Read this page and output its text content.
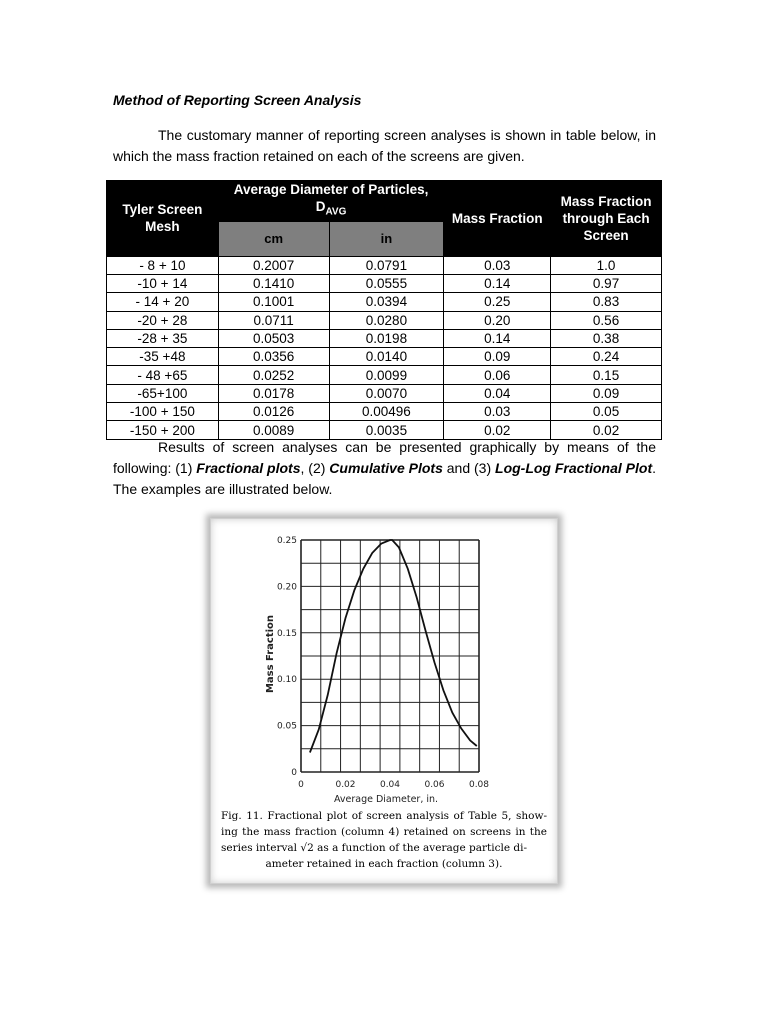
Method of Reporting Screen Analysis
The customary manner of reporting screen analyses is shown in table below, in which the mass fraction retained on each of the screens are given.
Tyler Screen Mesh	Average Diameter of Particles, $D_{AVG}$		Mass Fraction	Mass Fraction through Each Screen
	cm	in		
- 8 + 10	0.2007	0.0791	0.03	1.0
-10 + 14	0.1410	0.0555	0.14	0.97
- 14 + 20	0.1001	0.0394	0.25	0.83
-20 + 28	0.0711	0.0280	0.20	0.56
-28 + 35	0.0503	0.0198	0.14	0.38
-35 +48	0.0356	0.0140	0.09	0.24
- 48 +65	0.0252	0.0099	0.06	0.15
-65+100	0.0178	0.0070	0.04	0.09
-100 + 150	0.0126	0.00496	0.03	0.05
-150 + 200	0.0089	0.0035	0.02	0.02
Results of screen analyses can be presented graphically by means of the following: (1) Fractional plots, (2) Cumulative Plots and (3) Log-Log Fractional Plot. The examples are illustrated below.
0
0.05
0.10
0.15
0.20
0.25
0	0.02	0.04	0.06	0.08
Mass Fraction
Average Diameter, in.
Fig. 11. Fractional plot of screen analysis of Table 5, show- ing the mass fraction (column 4) retained on screens in the series interval √2 as a function of the average particle di-
ameter retained in each fraction (column 3).
